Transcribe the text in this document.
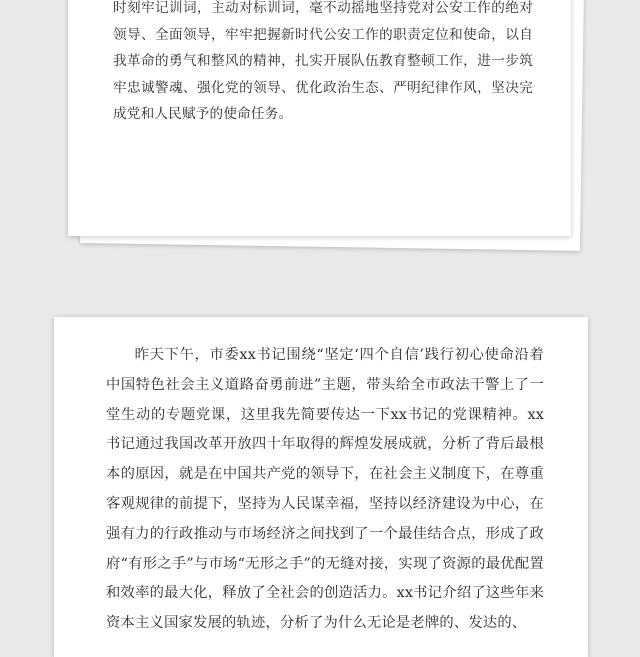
时刻牢记训词，主动对标训词，毫不动摇地坚持党对公安工作的绝对领导、全面领导，牢牢把握新时代公安工作的职责定位和使命，以自我革命的勇气和整风的精神，扎实开展队伍教育整顿工作，进一步筑牢忠诚警魂、强化党的领导、优化政治生态、严明纪律作风，坚决完成党和人民赋予的使命任务。

昨天下午，市委xx书记围绕“坚定‘四个自信’践行初心使命沿着中国特色社会主义道路奋勇前进”主题，带头给全市政法干警上了一堂生动的专题党课，这里我先简要传达一下xx书记的党课精神。xx书记通过我国改革开放四十年取得的辉煌发展成就，分析了背后最根本的原因，就是在中国共产党的领导下，在社会主义制度下，在尊重客观规律的前提下，坚持为人民谋幸福，坚持以经济建设为中心，在强有力的行政推动与市场经济之间找到了一个最佳结合点，形成了政府“有形之手”与市场“无形之手”的无缝对接，实现了资源的最优配置和效率的最大化，释放了全社会的创造活力。xx书记介绍了这些年来资本主义国家发展的轨迹，分析了为什么无论是老牌的、发达的、
